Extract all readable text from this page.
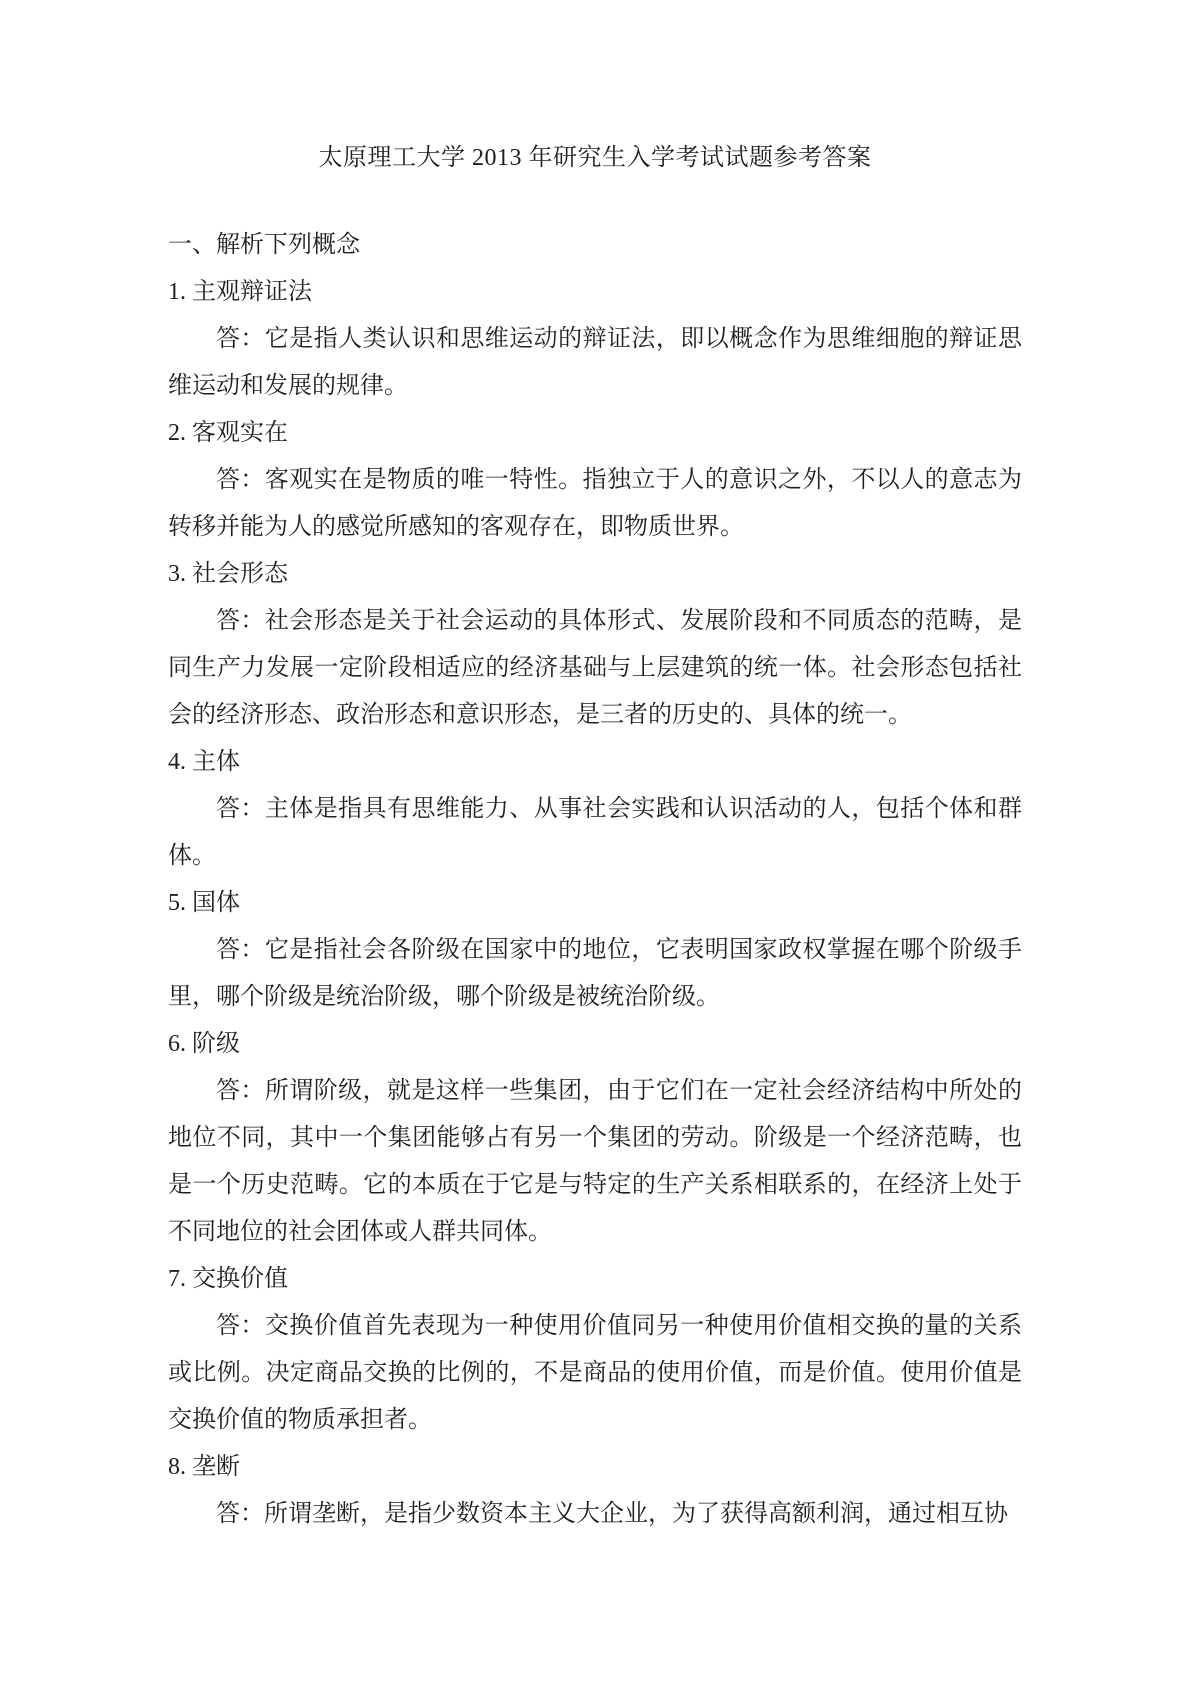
太原理工大学 2013 年研究生入学考试试题参考答案

一、解析下列概念

1. 主观辩证法

答：它是指人类认识和思维运动的辩证法，即以概念作为思维细胞的辩证思维运动和发展的规律。

2. 客观实在

答：客观实在是物质的唯一特性。指独立于人的意识之外，不以人的意志为转移并能为人的感觉所感知的客观存在，即物质世界。

3. 社会形态

答：社会形态是关于社会运动的具体形式、发展阶段和不同质态的范畴，是同生产力发展一定阶段相适应的经济基础与上层建筑的统一体。社会形态包括社会的经济形态、政治形态和意识形态，是三者的历史的、具体的统一。

4. 主体

答：主体是指具有思维能力、从事社会实践和认识活动的人，包括个体和群体。

5. 国体

答：它是指社会各阶级在国家中的地位，它表明国家政权掌握在哪个阶级手里，哪个阶级是统治阶级，哪个阶级是被统治阶级。

6. 阶级

答：所谓阶级，就是这样一些集团，由于它们在一定社会经济结构中所处的地位不同，其中一个集团能够占有另一个集团的劳动。阶级是一个经济范畴，也是一个历史范畴。它的本质在于它是与特定的生产关系相联系的，在经济上处于不同地位的社会团体或人群共同体。

7. 交换价值

答：交换价值首先表现为一种使用价值同另一种使用价值相交换的量的关系或比例。决定商品交换的比例的，不是商品的使用价值，而是价值。使用价值是交换价值的物质承担者。

8. 垄断

答：所谓垄断，是指少数资本主义大企业，为了获得高额利润，通过相互协
